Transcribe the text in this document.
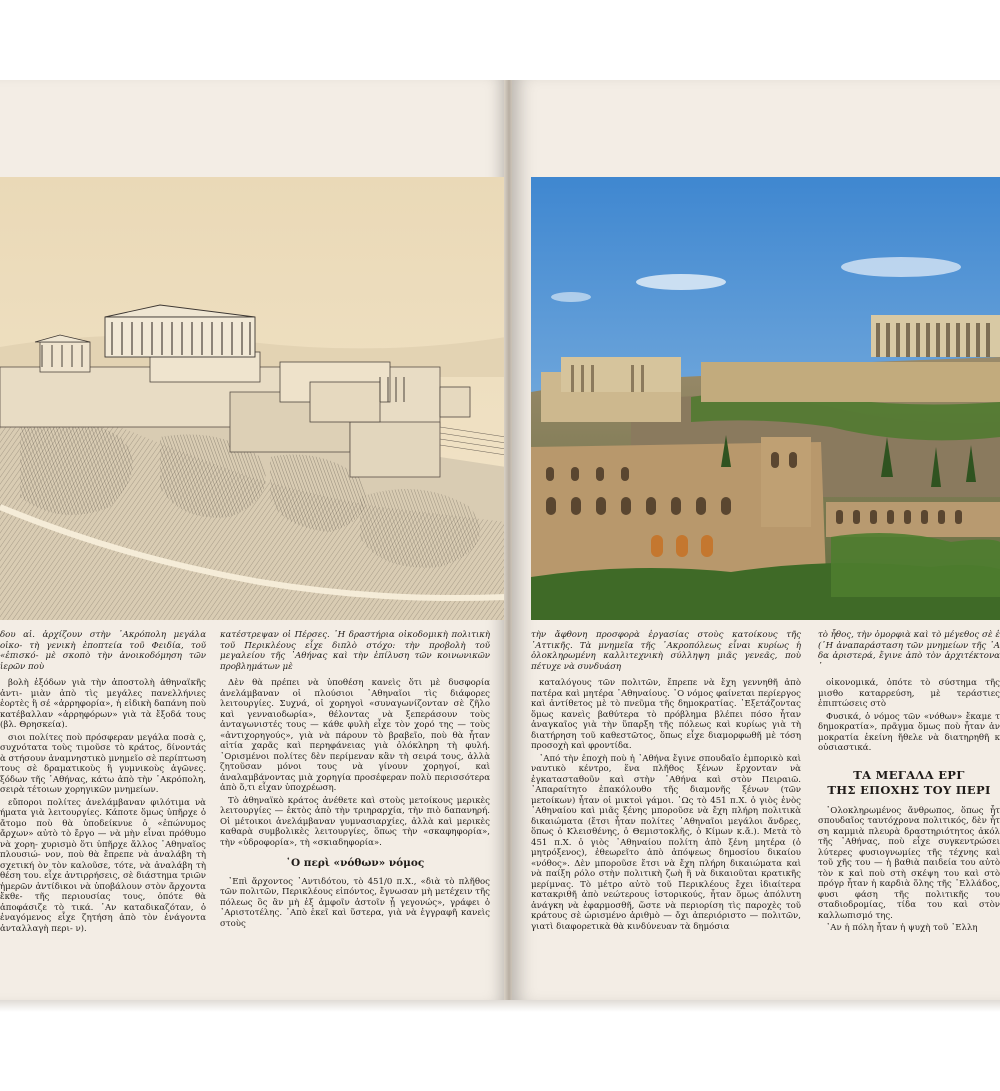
δου αἰ. ἀρχίζουν στὴν ᾽Ακρόπολη μεγάλα οἰκο- τὴ γενικὴ ἐποπτεία τοῦ Φειδία, τοῦ «ἐπισκό- μὲ σκοπὸ τὴν ἀνοικοδόμηση τῶν ἱερῶν ποὺ

βολὴ ἐξόδων γιὰ τὴν ἀποστολὴ ἀθηναϊκῆς ἀντι- μιὰν ἀπὸ τὶς μεγάλες πανελλήνιες ἑορτὲς ἢ σέ «ἀρρηφορία», ἡ εἰδικὴ δαπάνη ποὺ κατέβαλλαν «ἀρρηφόρων» γιὰ τὰ ἔξοδά τους (βλ. Θρησκεία).

σιοι πολίτες ποὺ πρόσφεραν μεγάλα ποσὰ ς, συχνότατα τοὺς τιμοῦσε τὸ κράτος, δίνοντάς ὰ στήσουν ἀναμνηστικὸ μνημεῖο σὲ περίπτωση τους σὲ δραματικοὺς ἢ γυμνικοὺς ἀγῶνες. ξόδων τῆς ᾽Αθήνας, κάτω ἀπὸ τὴν ᾽Ακρόπολη, σειρὰ τέτοιων χορηγικῶν μνημείων.

εὔποροι πολίτες ἀνελάμβαναν φιλότιμα νὰ ήματα γιὰ λειτουργίες. Κάποτε ὅμως ὑπῆρχε ὁ ἄτομο ποὺ θὰ ὑποδείκνυε ὁ «ἐπώνυμος ἄρχων» αὐτὸ τὸ ἔργο — νὰ μὴν εἶναι πρόθυμο νὰ χορη- χυρισμὸ ὅτι ὑπῆρχε ἄλλος ᾽Αθηναῖος πλουσιώ- νον, ποὺ θὰ ἔπρεπε νὰ ἀναλάβη τὴ σχετική ὸν τὸν καλοῦσε, τότε, νὰ ἀναλάβη τὴ θέση του. εἶχε ἀντιρρήσεις, σὲ διάστημα τριῶν ἡμερῶν ἀντίδικοι νὰ ὑποβάλουν στὸν ἄρχοντα ἔκθε- τῆς περιουσίας τους, ὁπότε θὰ ἀποφάσιζε τὸ τικά. ᾽Αν καταδικαζόταν, ὁ ἐναγόμενος εἶχε ζητήση ἀπὸ τὸν ἐνάγοντα ἀνταλλαγὴ περι- ν).

κατέστρεψαν οἱ Πέρσες. ᾽Η δραστήρια οἰκοδομικὴ πολιτικὴ τοῦ Περικλέους εἶχε διπλὸ στόχο: τὴν προβολὴ τοῦ μεγαλείου τῆς ᾽Αθήνας καὶ τὴν ἐπίλυση τῶν κοινωνικῶν προβλημάτων μὲ

Δὲν θὰ πρέπει νὰ ὑποθέση κανεὶς ὅτι μὲ δυσφορία ἀνελάμβαναν οἱ πλούσιοι ᾽Αθηναῖοι τὶς διάφορες λειτουργίες. Συχνά, οἱ χορηγοὶ «συναγωνίζονταν σὲ ζῆλο καὶ γενναιοδωρία», θέλοντας νὰ ξεπεράσουν τοὺς ἀνταγωνιστές τους — κάθε φυλὴ εἶχε τὸν χορό της — τοὺς «ἀντιχορηγούς», γιὰ νὰ πάρουν τὸ βραβεῖο, ποὺ θὰ ἦταν αἰτία χαρᾶς καὶ περηφάνειας γιὰ ὁλόκληρη τὴ φυλή. ᾽Ορισμένοι πολίτες δὲν περίμεναν κἂν τὴ σειρά τους, ἀλλὰ ζητοῦσαν μόνοι τους νὰ γίνουν χορηγοί, καὶ ἀναλαμβάνοντας μιὰ χορηγία προσέφεραν πολὺ περισσότερα ἀπὸ ὅ,τι εἶχαν ὑποχρέωση.

Τὸ ἀθηναϊκὸ κράτος ἀνέθετε καὶ στοὺς μετοίκους μερικὲς λειτουργίες — ἐκτὸς ἀπὸ τὴν τριηραρχία, τὴν πιὸ δαπανηρή. Οἱ μέτοικοι ἀνελάμβαναν γυμνασιαρχίες, ἀλλὰ καὶ μερικὲς καθαρὰ συμβολικὲς λειτουργίες, ὅπως τὴν «σκαφηφορία», τὴν «ὑδροφορία», τὴ «σκιαδηφορία».

῾Ο περὶ «νόθων» νόμος

᾽Επὶ ἄρχοντος ᾽Αντιδότου, τὸ 451/0 π.Χ., «διὰ τὸ πλῆθος τῶν πολιτῶν, Περικλέους εἰπόντος, ἔγνωσαν μὴ μετέχειν τῆς πόλεως ὃς ἂν μὴ ἐξ ἀμφοῖν ἀστοῖν ᾖ γεγονώς», γράφει ὁ ᾽Αριστοτέλης. ᾽Απὸ ἐκεῖ καὶ ὕστερα, γιὰ νὰ ἐγγραφῆ κανεὶς στοὺς

τὴν ἄφθονη προσφορὰ ἐργασίας στοὺς κατοίκους τῆς ᾽Αττικῆς. Τὰ μνημεῖα τῆς ᾽Ακροπόλεως εἶναι κυρίως ἡ ὁλοκληρωμένη καλλιτεχνικὴ σύλληψη μιᾶς γενεᾶς, ποὺ πέτυχε νὰ συνδυάση

καταλόγους τῶν πολιτῶν, ἔπρεπε νὰ ἔχη γεννηθῆ ἀπὸ πατέρα καὶ μητέρα ᾽Αθηναίους. ᾽Ο νόμος φαίνεται περίεργος καὶ ἀντίθετος μὲ τὸ πνεῦμα τῆς δημοκρατίας. ᾽Εξετάζοντας ὅμως κανεὶς βαθύτερα τὸ πρόβλημα βλέπει πόσο ἦταν ἀναγκαῖος γιὰ τὴν ὕπαρξη τῆς πόλεως καὶ κυρίως γιὰ τὴ διατήρηση τοῦ καθεστῶτος, ὅπως εἶχε διαμορφωθῆ μὲ τόση προσοχὴ καὶ φροντίδα.

᾽Από τὴν ἐποχὴ ποὺ ἡ ᾽Αθήνα ἔγινε σπουδαῖο ἐμπορικὸ καὶ ναυτικὸ κέντρο, ἕνα πλῆθος ξένων ἔρχονταν νὰ ἐγκατασταθοῦν καὶ στὴν ᾽Αθήνα καὶ στὸν Πειραιῶ. ᾽Απαραίτητο ἐπακόλουθο τῆς διαμονῆς ξένων (τῶν μετοίκων) ἦταν οἱ μικτοὶ γάμοι. ῾Ως τὸ 451 π.Χ. ὁ γιὸς ἑνὸς ᾽Αθηναίου καὶ μιᾶς ξένης μποροῦσε νὰ ἔχη πλήρη πολιτικὰ δικαιώματα (ἔτσι ἦταν πολίτες ᾽Αθηναῖοι μεγάλοι ἄνδρες, ὅπως ὁ Κλεισθένης, ὁ Θεμιστοκλῆς, ὁ Κίμων κ.ἄ.). Μετὰ τὸ 451 π.Χ. ὁ γιὸς ᾽Αθηναίου πολίτη ἀπὸ ξένη μητέρα (ὁ μητρόξενος), ἐθεωρεῖτο ἀπὸ ἀπόψεως δημοσίου δικαίου «νόθος». Δὲν μποροῦσε ἔτσι νὰ ἔχη πλήρη δικαιώματα καὶ νὰ παίξη ρόλο στὴν πολιτικὴ ζωὴ ἢ νὰ δικαιοῦται κρατικῆς μερίμνας. Τὸ μέτρο αὐτὸ τοῦ Περικλέους ἔχει ἰδιαίτερα κατακριθῆ ἀπὸ νεώτερους ἱστορικούς, ἦταν ὅμως ἀπόλυτη ἀνάγκη νὰ ἐφαρμοσθῆ, ὥστε νὰ περιορίση τὶς παροχὲς τοῦ κράτους σὲ ὡρισμένο ἀριθμὸ — ὄχι ἀπεριόριστο — πολιτῶν, γιατὶ διαφορετικὰ θὰ κινδύνευαν τὰ δημόσια

τὸ ἦθος, τὴν ὁμορφιὰ καὶ τὸ μέγεθος σὲ ἐ (῾Η ἀναπαράσταση τῶν μνημείων τῆς ᾽Α δα ἀριστερά, ἔγινε ἀπὸ τὸν ἀρχιτέκτονα ᾽

οἰκονομικά, ὁπότε τὸ σύστημα τῆς μισθο καταρρεύση, μὲ τεράστιες ἐπιπτώσεις στὸ

Φυσικά, ὁ νόμος τῶν «νόθων» ἔκαμε τ δημοκρατία», πρᾶγμα ὅμως ποὺ ἦταν ἀν μοκρατία ἐκείνη ἤθελε νὰ διατηρηθῆ κ οὐσιαστικά.

ΤΑ ΜΕΓΑΛΑ ΕΡΓ
ΤΗΣ ΕΠΟΧΗΣ ΤΟΥ ΠΕΡΙ

῾Ολοκληρωμένος ἄνθρωπος, ὅπως ἦτ σπουδαῖος ταυτόχρονα πολιτικός, δὲν ἦτ ση καμμιὰ πλευρὰ δραστηριότητος ἀκόλ τῆς ᾽Αθήνας, ποὺ εἶχε συγκεντρώσει λύτερες φυσιογνωμίες τῆς τέχνης καὶ τοῦ χῆς του — ἡ βαθιὰ παιδεία του αὐτὸ τὸν κ καὶ ποὺ στὴ σκέψη του καὶ στὸ πρόγρ ἦταν ἡ καρδιὰ ὅλης τῆς ῾Ελλάδος, φυσι φάση τῆς πολιτικῆς του σταδιοδρομίας, τίδα του καὶ στὸν καλλωπισμό της.

᾽Αν ἡ πόλη ἦταν ἡ ψυχὴ τοῦ ῾Ελλη
